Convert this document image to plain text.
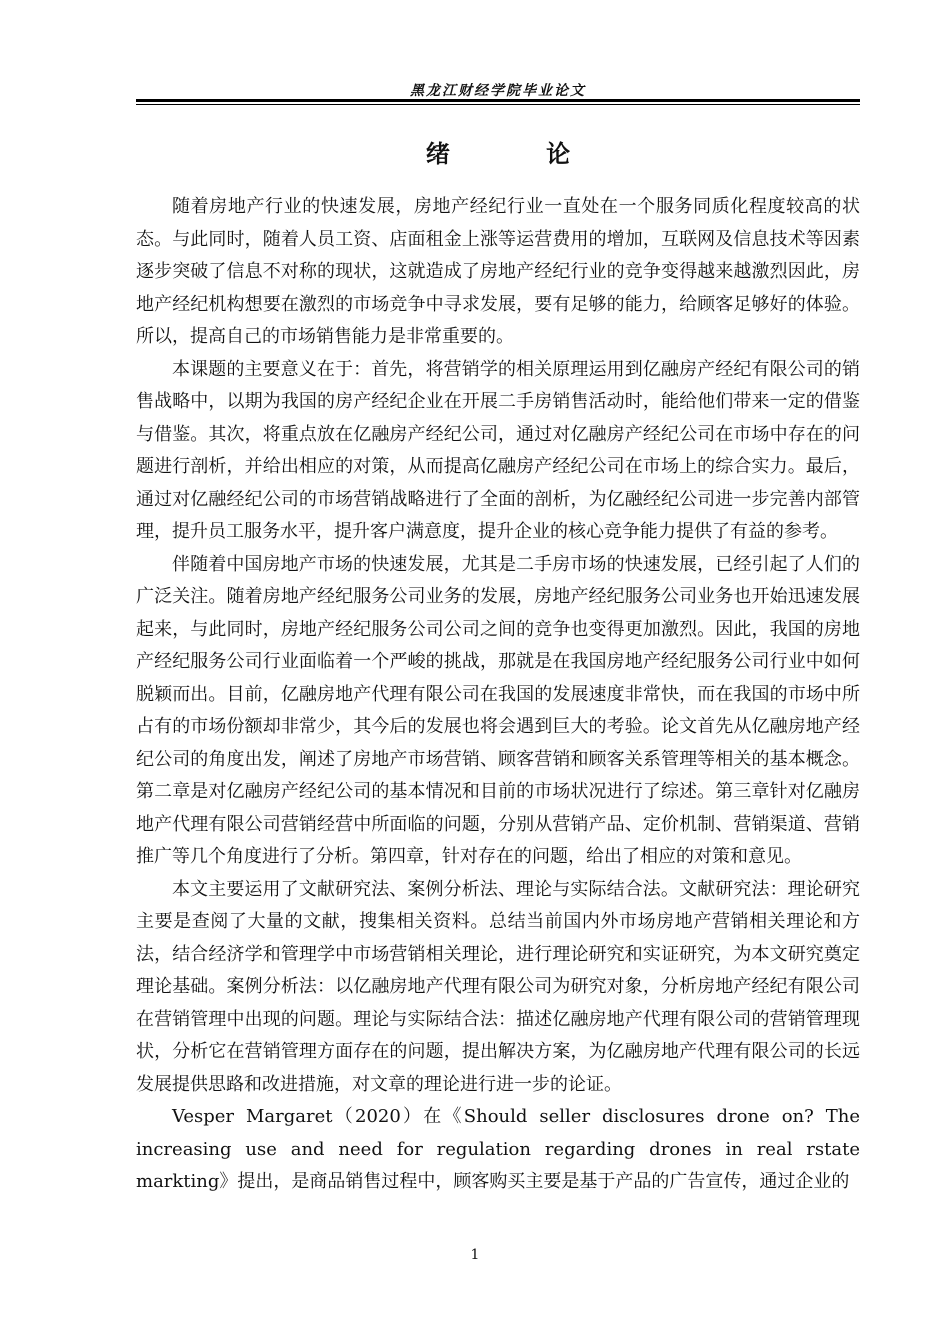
黑龙江财经学院毕业论文
绪 论

随着房地产行业的快速发展，房地产经纪行业一直处在一个服务同质化程度较高的状态。与此同时，随着人员工资、店面租金上涨等运营费用的增加，互联网及信息技术等因素逐步突破了信息不对称的现状，这就造成了房地产经纪行业的竞争变得越来越激烈因此，房地产经纪机构想要在激烈的市场竞争中寻求发展，要有足够的能力，给顾客足够好的体验。所以，提高自己的市场销售能力是非常重要的。

本课题的主要意义在于：首先，将营销学的相关原理运用到亿融房产经纪有限公司的销售战略中，以期为我国的房产经纪企业在开展二手房销售活动时，能给他们带来一定的借鉴与借鉴。其次，将重点放在亿融房产经纪公司，通过对亿融房产经纪公司在市场中存在的问题进行剖析，并给出相应的对策，从而提高亿融房产经纪公司在市场上的综合实力。最后，通过对亿融经纪公司的市场营销战略进行了全面的剖析，为亿融经纪公司进一步完善内部管理，提升员工服务水平，提升客户满意度，提升企业的核心竞争能力提供了有益的参考。

伴随着中国房地产市场的快速发展，尤其是二手房市场的快速发展，已经引起了人们的广泛关注。随着房地产经纪服务公司业务的发展，房地产经纪服务公司业务也开始迅速发展起来，与此同时，房地产经纪服务公司公司之间的竞争也变得更加激烈。因此，我国的房地产经纪服务公司行业面临着一个严峻的挑战，那就是在我国房地产经纪服务公司行业中如何脱颖而出。目前，亿融房地产代理有限公司在我国的发展速度非常快，而在我国的市场中所占有的市场份额却非常少，其今后的发展也将会遇到巨大的考验。论文首先从亿融房地产经纪公司的角度出发，阐述了房地产市场营销、顾客营销和顾客关系管理等相关的基本概念。第二章是对亿融房产经纪公司的基本情况和目前的市场状况进行了综述。第三章针对亿融房地产代理有限公司营销经营中所面临的问题，分别从营销产品、定价机制、营销渠道、营销推广等几个角度进行了分析。第四章，针对存在的问题，给出了相应的对策和意见。

本文主要运用了文献研究法、案例分析法、理论与实际结合法。文献研究法：理论研究主要是查阅了大量的文献，搜集相关资料。总结当前国内外市场房地产营销相关理论和方法，结合经济学和管理学中市场营销相关理论，进行理论研究和实证研究，为本文研究奠定理论基础。案例分析法：以亿融房地产代理有限公司为研究对象，分析房地产经纪有限公司在营销管理中出现的问题。理论与实际结合法：描述亿融房地产代理有限公司的营销管理现状，分析它在营销管理方面存在的问题，提出解决方案，为亿融房地产代理有限公司的长远发展提供思路和改进措施，对文章的理论进行进一步的论证。

Vesper Margaret（2020）在《Should seller disclosures drone on? The increasing use and need for regulation regarding drones in real rstate markting》提出，是商品销售过程中，顾客购买主要是基于产品的广告宣传，通过企业的

1
